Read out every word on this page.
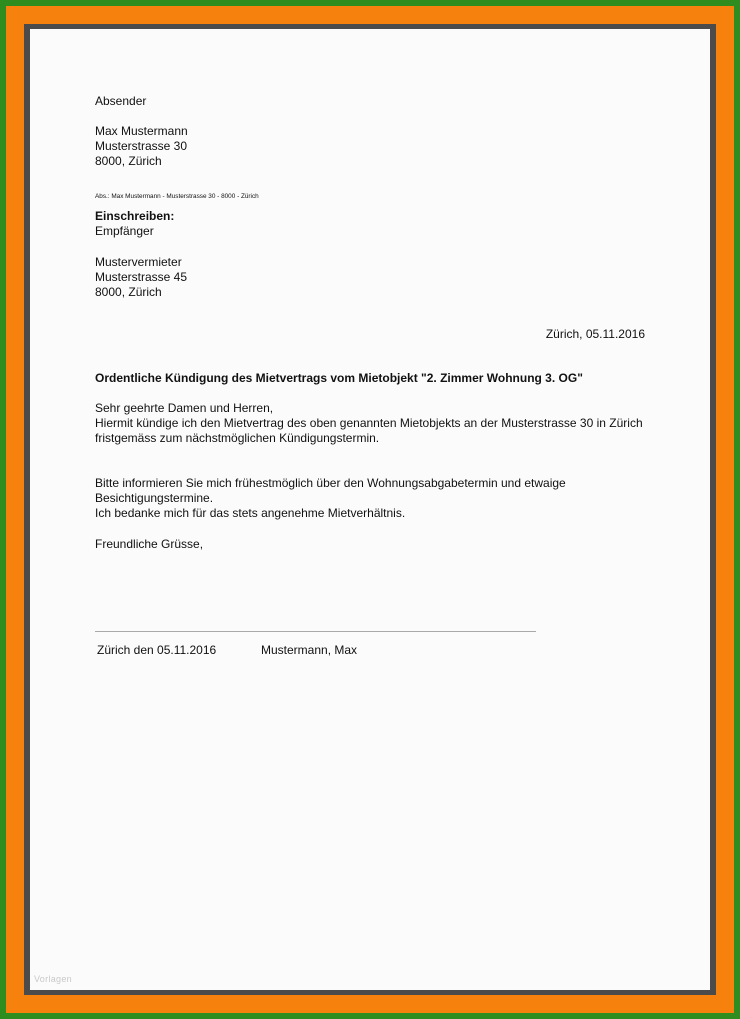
Absender
Max Mustermann
Musterstrasse 30
8000, Zürich
Abs.: Max Mustermann - Musterstrasse 30 - 8000 - Zürich
Einschreiben:
Empfänger
Mustervermieter
Musterstrasse 45
8000, Zürich
Zürich, 05.11.2016
Ordentliche Kündigung des Mietvertrags vom Mietobjekt "2. Zimmer Wohnung 3. OG"
Sehr geehrte Damen und Herren,
Hiermit kündige ich den Mietvertrag des oben genannten Mietobjekts an der Musterstrasse 30 in Zürich
fristgemäss zum nächstmöglichen Kündigungstermin.
Bitte informieren Sie mich frühestmöglich über den Wohnungsabgabetermin und etwaige
Besichtigungstermine.
Ich bedanke mich für das stets angenehme Mietverhältnis.
Freundliche Grüsse,
Zürich den 05.11.2016	Mustermann, Max
Vorlagen
